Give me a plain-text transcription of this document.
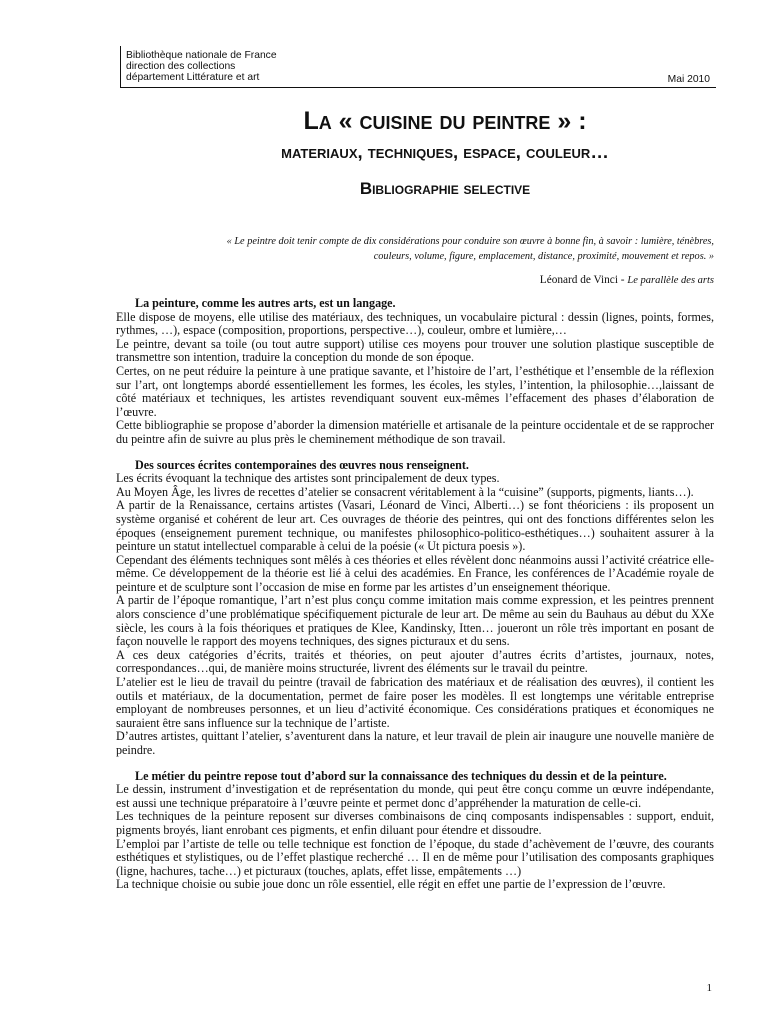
Bibliothèque nationale de France
direction des collections
département Littérature et art	Mai 2010
La « cuisine du peintre » :
materiaux, techniques, espace, couleur…
Bibliographie selective
« Le peintre doit tenir compte de dix considérations pour conduire son œuvre à bonne fin, à savoir : lumière, ténèbres, couleurs, volume, figure, emplacement, distance, proximité, mouvement et repos. »
Léonard de Vinci - Le parallèle des arts

La peinture, comme les autres arts, est un langage.

Elle dispose de moyens, elle utilise des matériaux, des techniques, un vocabulaire pictural : dessin (lignes, points, formes, rythmes, …), espace (composition, proportions, perspective…), couleur, ombre et lumière,…

Le peintre, devant sa toile (ou tout autre support) utilise ces moyens pour trouver une solution plastique susceptible de transmettre son intention, traduire la conception du monde de son époque.

Certes, on ne peut réduire la peinture à une pratique savante, et l’histoire de l’art, l’esthétique et l’ensemble de la réflexion sur l’art, ont longtemps abordé essentiellement les formes, les écoles, les styles, l’intention, la philosophie…,laissant de côté matériaux et techniques, les artistes revendiquant souvent eux-mêmes l’effacement des phases d’élaboration de l’œuvre.

Cette bibliographie se propose d’aborder la dimension matérielle et artisanale de la peinture occidentale et de se rapprocher du peintre afin de suivre au plus près le cheminement méthodique de son travail.

Des sources écrites contemporaines des œuvres nous renseignent.

Les écrits évoquant la technique des artistes sont principalement de deux types.

Au Moyen Âge, les livres de recettes d’atelier se consacrent véritablement à la “cuisine” (supports, pigments, liants…).

A partir de la Renaissance, certains artistes (Vasari, Léonard de Vinci, Alberti…) se font théoriciens : ils proposent un système organisé et cohérent de leur art. Ces ouvrages de théorie des peintres, qui ont des fonctions différentes selon les époques (enseignement purement technique, ou manifestes philosophico-politico-esthétiques…) souhaitent assurer à la peinture un statut intellectuel comparable à celui de la poésie (« Ut pictura poesis »).

Cependant des éléments techniques sont mêlés à ces théories et elles révèlent donc néanmoins aussi l’activité créatrice elle-même. Ce développement de la théorie est lié à celui des académies. En France, les conférences de l’Académie royale de peinture et de sculpture sont l’occasion de mise en forme par les artistes d’un enseignement théorique.

A partir de l’époque romantique, l’art n’est plus conçu comme imitation mais comme expression, et les peintres prennent alors conscience d’une problématique spécifiquement picturale de leur art. De même au sein du Bauhaus au début du XXe siècle, les cours à la fois théoriques et pratiques de Klee, Kandinsky, Itten… joueront un rôle très important en posant de façon nouvelle le rapport des moyens techniques, des signes picturaux et du sens.

A ces deux catégories d’écrits, traités et théories, on peut ajouter d’autres écrits d’artistes, journaux, notes, correspondances…qui, de manière moins structurée, livrent des éléments sur le travail du peintre.

L’atelier est le lieu de travail du peintre (travail de fabrication des matériaux et de réalisation des œuvres), il contient les outils et matériaux, de la documentation, permet de faire poser les modèles. Il est longtemps une véritable entreprise employant de nombreuses personnes, et un lieu d’activité économique. Ces considérations pratiques et économiques ne sauraient être sans influence sur la technique de l’artiste.

D’autres artistes, quittant l’atelier, s’aventurent dans la nature, et leur travail de plein air inaugure une nouvelle manière de peindre.

Le métier du peintre repose tout d’abord sur la connaissance des techniques du dessin et de la peinture.

Le dessin, instrument d’investigation et de représentation du monde, qui peut être conçu comme un œuvre indépendante, est aussi une technique préparatoire à l’œuvre peinte et permet donc d’appréhender la maturation de celle-ci.

Les techniques de la peinture reposent sur diverses combinaisons de cinq composants indispensables : support, enduit, pigments broyés, liant enrobant ces pigments, et enfin diluant pour étendre et dissoudre.

L’emploi par l’artiste de telle ou telle technique est fonction de l’époque, du stade d’achèvement de l’œuvre, des courants esthétiques et stylistiques, ou de l’effet plastique recherché … Il en de même pour l’utilisation des composants graphiques (ligne, hachures, tache…) et picturaux (touches, aplats, effet lisse, empâtements …)

La technique choisie ou subie joue donc un rôle essentiel, elle régit en effet une partie de l’expression de l’œuvre.

1
